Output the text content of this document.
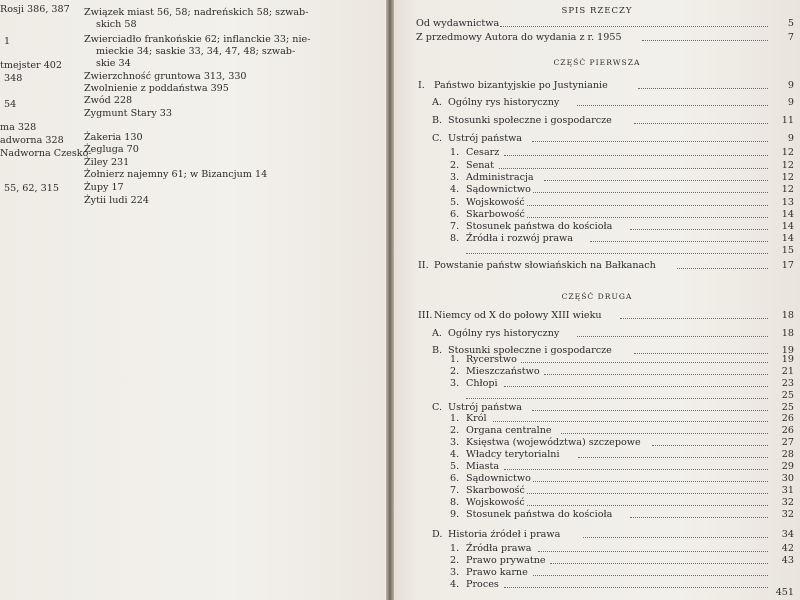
Rosji 386, 387
1
tmejster 402
348
54
ma 328
adworna 328
Nadworna Czesko-
55, 62, 315
Związek miast 56, 58; nadreńskich 58; szwab-
skich 58
Zwierciadło frankońskie 62; inflanckie 33; nie-
mieckie 34; saskie 33, 34, 47, 48; szwab-
skie 34
Zwierzchność gruntowa 313, 330
Zwolnienie z poddaństwa 395
Zwód 228
Zygmunt Stary 33
Żakeria 130
Żegluga 70
Żiley 231
Żołnierz najemny 61; w Bizancjum 14
Żupy 17
Żytii ludi 224
SPIS RZECZY
CZĘŚĆ PIERWSZA
CZĘŚĆ DRUGA
451
Od wydawnictwa	5
Z przedmowy Autora do wydania z r. 1955	7
I. Państwo bizantyjskie po Justynianie	9
A. Ogólny rys historyczny	9
B. Stosunki społeczne i gospodarcze	11
C. Ustrój państwa	9
1. Cesarz	12
2. Senat	12
3. Administracja	12
4. Sądownictwo	12
5. Wojskowość	13
6. Skarbowość	14
7. Stosunek państwa do kościoła	14
8. Źródła i rozwój prawa	14
15
II. Powstanie państw słowiańskich na Bałkanach	17
III. Niemcy od X do połowy XIII wieku	18
A. Ogólny rys historyczny	18
B. Stosunki społeczne i gospodarcze	19
1. Rycerstwo	19
2. Mieszczaństwo	21
3. Chłopi	23
25
C. Ustrój państwa	25
1. Król	26
2. Organa centralne	26
3. Księstwa (województwa) szczepowe	27
4. Władcy terytorialni	28
5. Miasta	29
6. Sądownictwo	30
7. Skarbowość	31
8. Wojskowość	32
9. Stosunek państwa do kościoła	32
D. Historia źródeł i prawa	34
1. Źródła prawa	42
2. Prawo prywatne	43
3. Prawo karne
4. Proces
